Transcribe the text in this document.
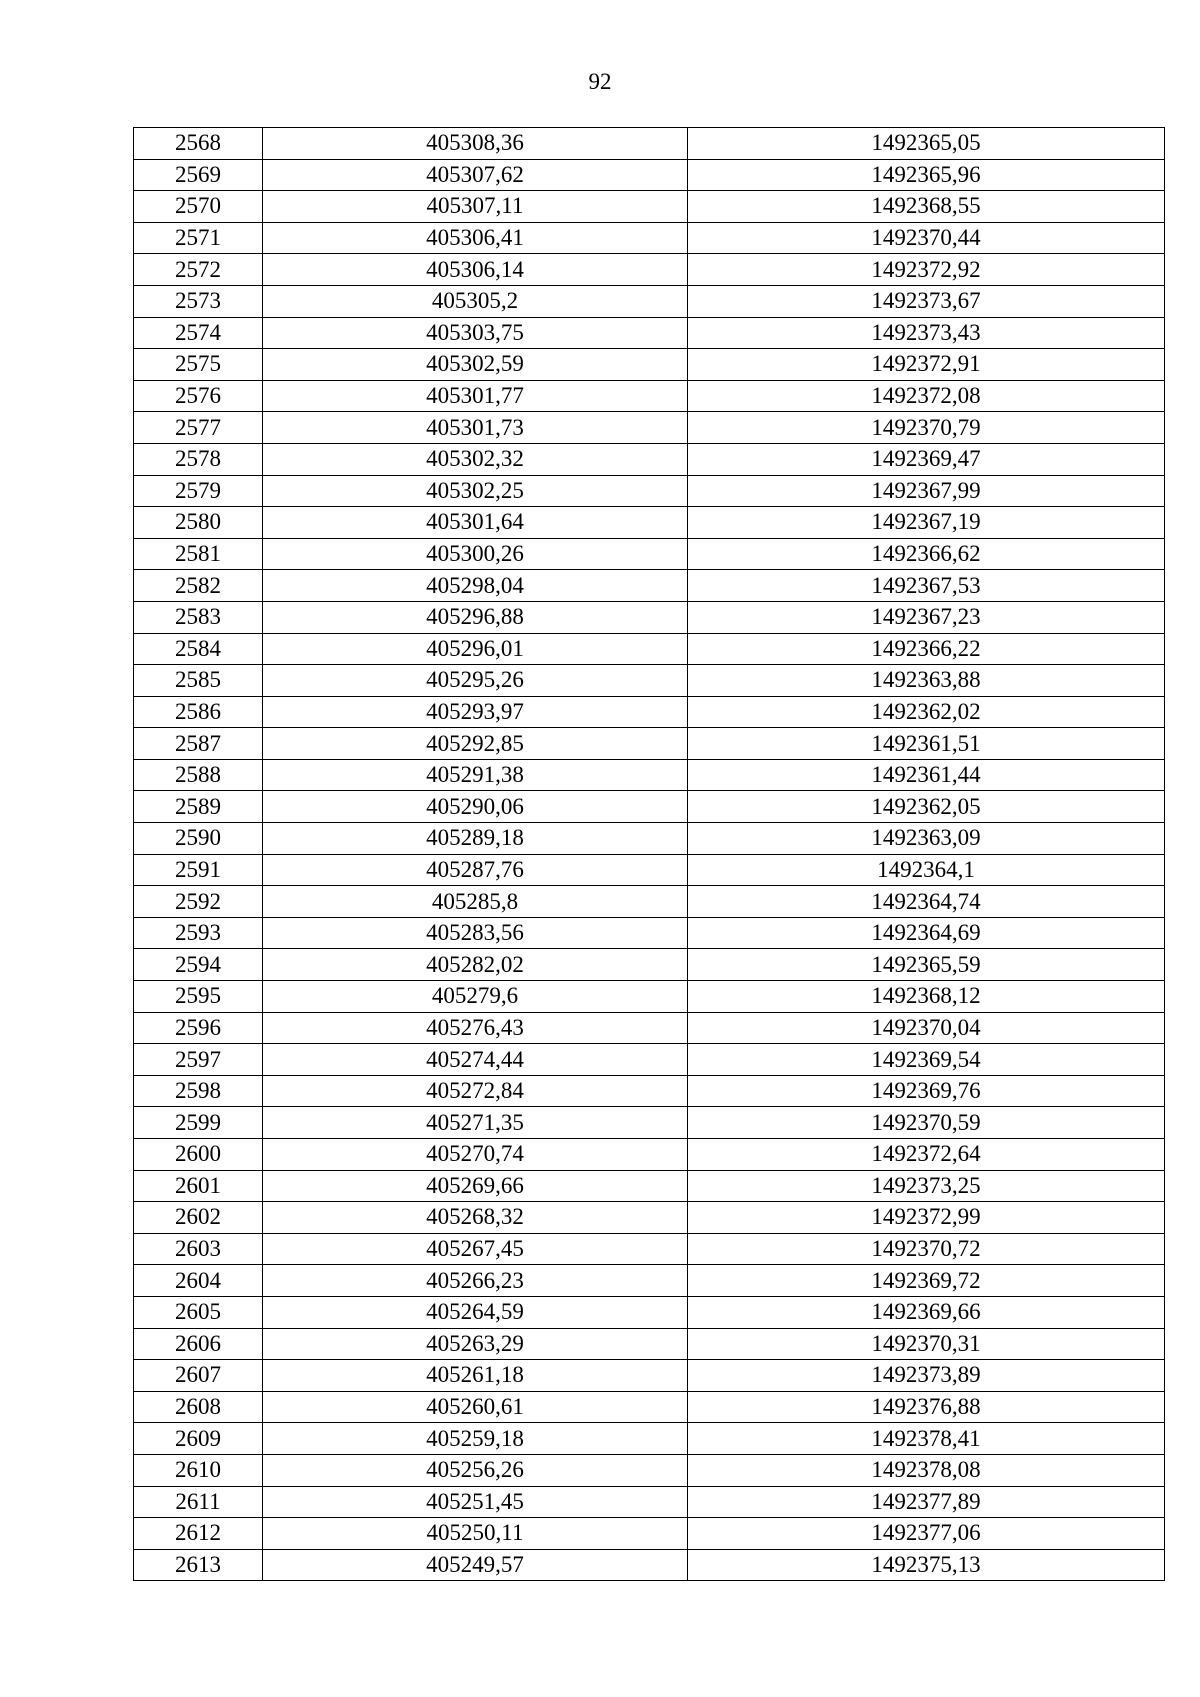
92
2568	405308,36	1492365,05
2569	405307,62	1492365,96
2570	405307,11	1492368,55
2571	405306,41	1492370,44
2572	405306,14	1492372,92
2573	405305,2	1492373,67
2574	405303,75	1492373,43
2575	405302,59	1492372,91
2576	405301,77	1492372,08
2577	405301,73	1492370,79
2578	405302,32	1492369,47
2579	405302,25	1492367,99
2580	405301,64	1492367,19
2581	405300,26	1492366,62
2582	405298,04	1492367,53
2583	405296,88	1492367,23
2584	405296,01	1492366,22
2585	405295,26	1492363,88
2586	405293,97	1492362,02
2587	405292,85	1492361,51
2588	405291,38	1492361,44
2589	405290,06	1492362,05
2590	405289,18	1492363,09
2591	405287,76	1492364,1
2592	405285,8	1492364,74
2593	405283,56	1492364,69
2594	405282,02	1492365,59
2595	405279,6	1492368,12
2596	405276,43	1492370,04
2597	405274,44	1492369,54
2598	405272,84	1492369,76
2599	405271,35	1492370,59
2600	405270,74	1492372,64
2601	405269,66	1492373,25
2602	405268,32	1492372,99
2603	405267,45	1492370,72
2604	405266,23	1492369,72
2605	405264,59	1492369,66
2606	405263,29	1492370,31
2607	405261,18	1492373,89
2608	405260,61	1492376,88
2609	405259,18	1492378,41
2610	405256,26	1492378,08
2611	405251,45	1492377,89
2612	405250,11	1492377,06
2613	405249,57	1492375,13
